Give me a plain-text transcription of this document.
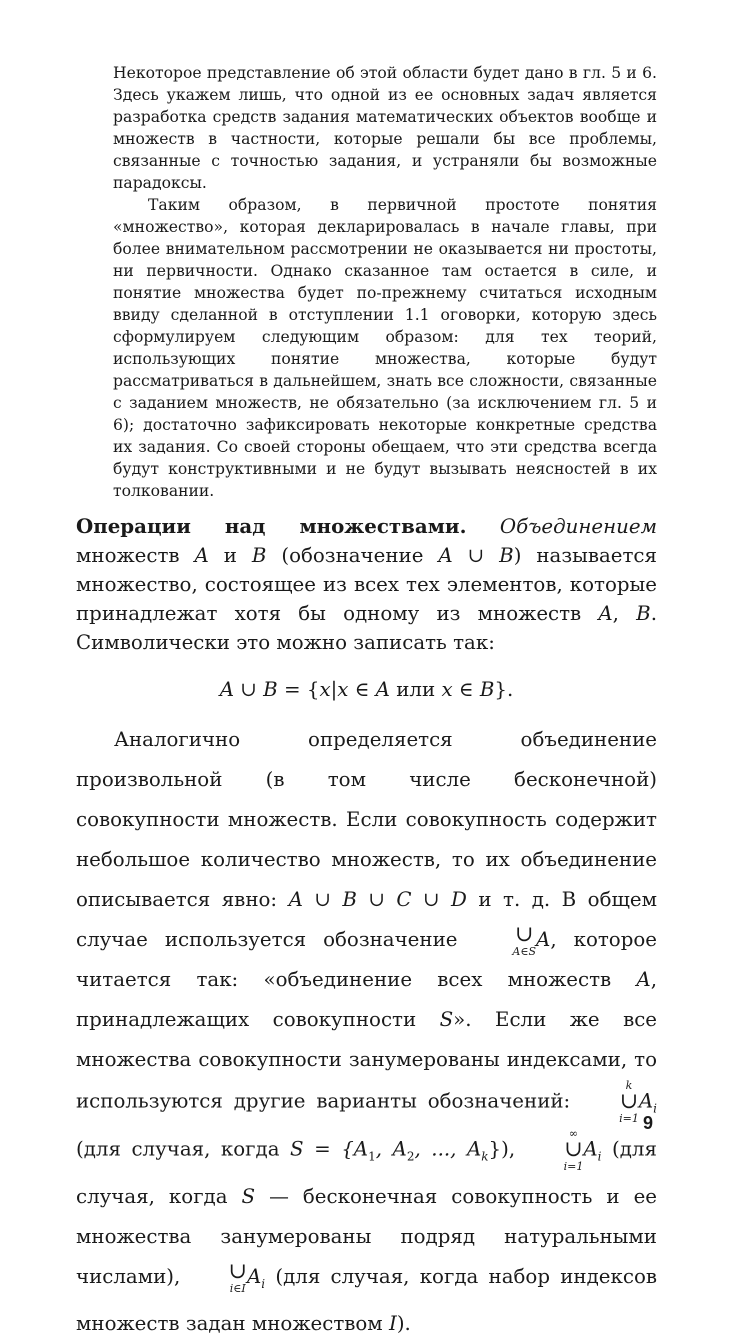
Некоторое представление об этой области будет дано в гл. 5 и 6. Здесь укажем лишь, что одной из ее основных задач является разработка средств задания математических объектов вообще и множеств в частности, которые решали бы все проблемы, связанные с точностью задания, и устраняли бы возможные парадоксы.

Таким образом, в первичной простоте понятия «множество», которая декларировалась в начале главы, при более внимательном рассмотрении не оказывается ни простоты, ни первичности. Однако сказанное там остается в силе, и понятие множества будет по-прежнему считаться исходным ввиду сделанной в отступлении 1.1 оговорки, которую здесь сформулируем следующим образом: для тех теорий, использующих понятие множества, которые будут рассматриваться в дальнейшем, знать все сложности, связанные с заданием множеств, не обязательно (за исключением гл. 5 и 6); достаточно зафиксировать некоторые конкретные средства их задания. Со своей стороны обещаем, что эти средства всегда будут конструктивными и не будут вызывать неясностей в их толковании.

Операции над множествами. Объединением множеств A и B (обозначение A ∪ B) называется множество, состоящее из всех тех элементов, которые принадлежат хотя бы одному из множеств A, B. Символически это можно записать так:

A ∪ B = {x|x ∈ A или x ∈ B}.

Аналогично определяется объединение произвольной (в том числе бесконечной) совокупности множеств. Если совокупность содержит небольшое количество множеств, то их объединение описывается явно: A ∪ B ∪ C ∪ D и т. д. В общем случае используется обозначение	∪
A∈S
A, которое читается так: «объединение всех множеств A, принадлежащих совокупности S». Если же все множества совокупности занумерованы индексами, то используются другие варианты обозначений:
k
∪
i=1
$A_i$ (для случая, когда $S = \{A_1$, $A_2$, ..., $A_k$}),
∞
∪
i=1
$A_i$ (для случая, когда S — бесконечная совокупность и ее множества занумерованы подряд натуральными числами),	∪
i∈I
$A_i$ (для случая, когда набор индексов множеств задан множеством I).

9
